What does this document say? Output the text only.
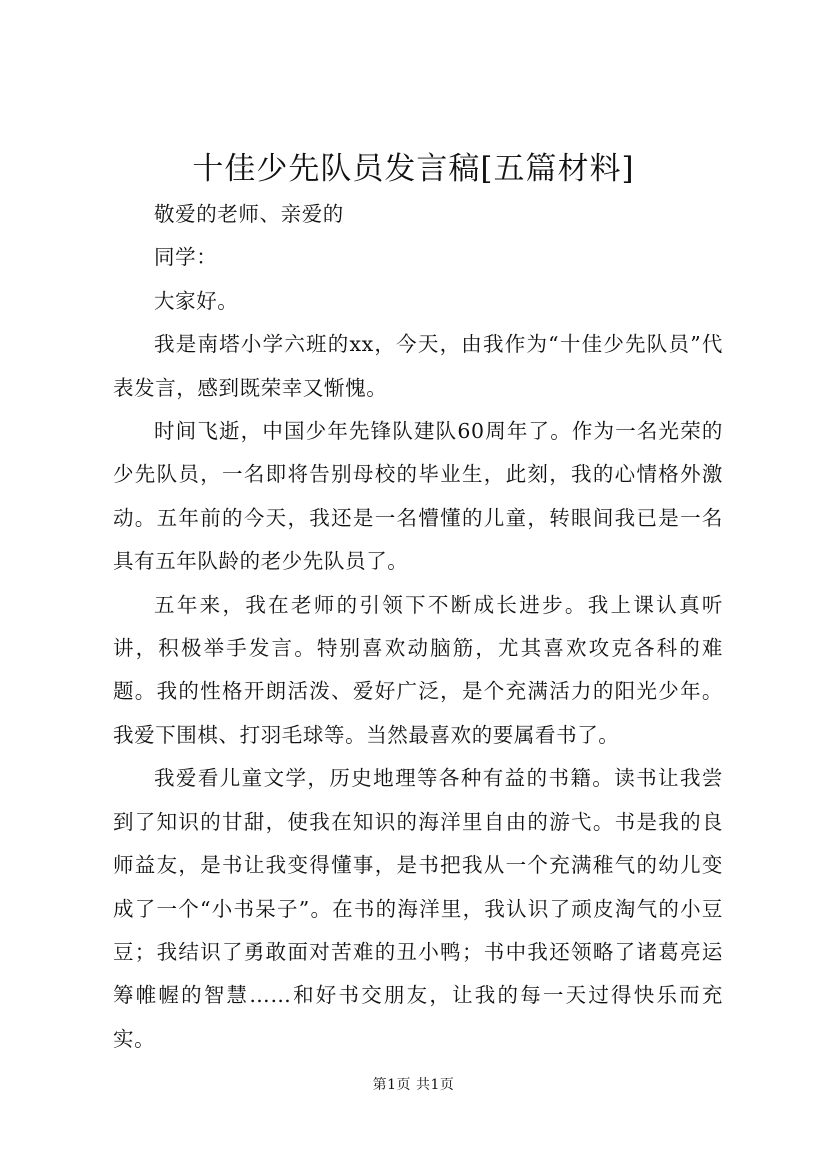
十佳少先队员发言稿[五篇材料]

敬爱的老师、亲爱的

同学：

大家好。

我是南塔小学六班的xx，今天，由我作为“十佳少先队员”代表发言，感到既荣幸又惭愧。

时间飞逝，中国少年先锋队建队60周年了。作为一名光荣的少先队员，一名即将告别母校的毕业生，此刻，我的心情格外激动。五年前的今天，我还是一名懵懂的儿童，转眼间我已是一名具有五年队龄的老少先队员了。

五年来，我在老师的引领下不断成长进步。我上课认真听讲，积极举手发言。特别喜欢动脑筋，尤其喜欢攻克各科的难题。我的性格开朗活泼、爱好广泛，是个充满活力的阳光少年。我爱下围棋、打羽毛球等。当然最喜欢的要属看书了。

我爱看儿童文学，历史地理等各种有益的书籍。读书让我尝到了知识的甘甜，使我在知识的海洋里自由的游弋。书是我的良师益友，是书让我变得懂事，是书把我从一个充满稚气的幼儿变成了一个“小书呆子”。在书的海洋里，我认识了顽皮淘气的小豆豆；我结识了勇敢面对苦难的丑小鸭；书中我还领略了诸葛亮运筹帷幄的智慧……和好书交朋友，让我的每一天过得快乐而充实。

第1页 共1页
